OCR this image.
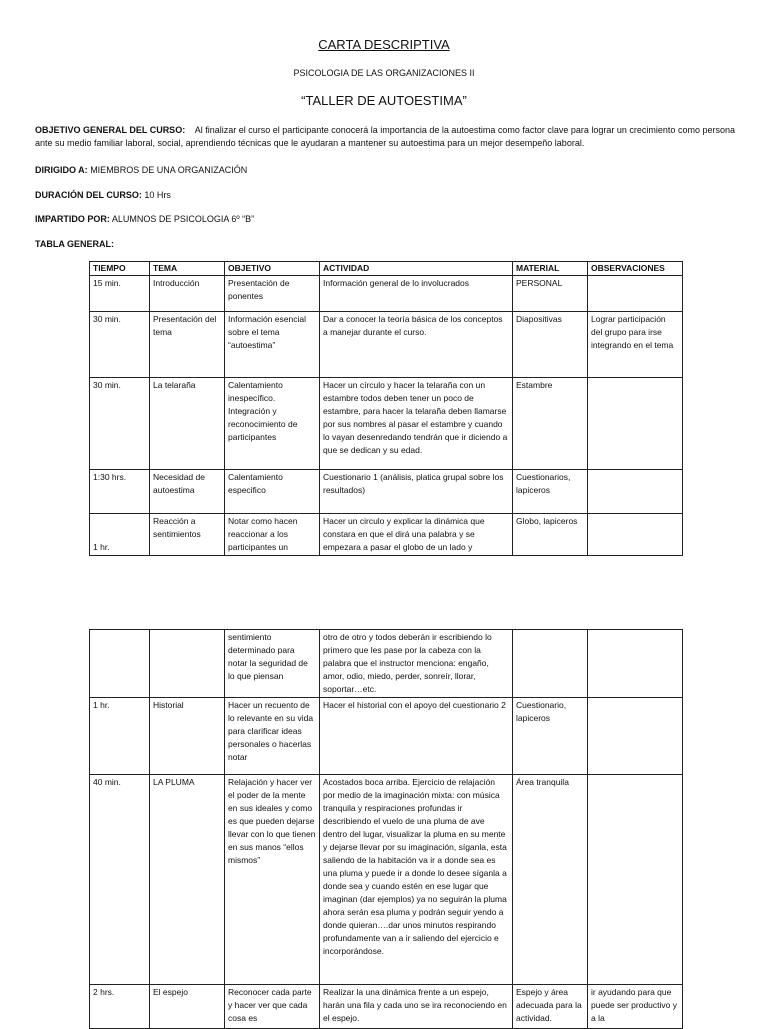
CARTA DESCRIPTIVA
PSICOLOGIA DE LAS ORGANIZACIONES II
“TALLER DE AUTOESTIMA”
OBJETIVO GENERAL DEL CURSO: Al finalizar el curso el participante conocerá la importancia de la autoestima como factor clave para lograr un crecimiento como persona ante su medio familiar laboral, social, aprendiendo técnicas que le ayudaran a mantener su autoestima para un mejor desempeño laboral.
DIRIGIDO A: MIEMBROS DE UNA ORGANIZACIÓN
DURACIÓN DEL CURSO: 10 Hrs
IMPARTIDO POR: ALUMNOS DE PSICOLOGIA 6º “B”
TABLA GENERAL:
TIEMPO	TEMA	OBJETIVO	ACTIVIDAD	MATERIAL	OBSERVACIONES
15 min.	Introducción	Presentación de ponentes	Información general de lo involucrados	PERSONAL	
30 min.	Presentación del tema	Información esencial sobre el tema “autoestima”	Dar a conocer la teoría básica de los conceptos a manejar durante el curso.	Diapositivas	Lograr participación del grupo para irse integrando en el tema
30 min.	La telaraña	Calentamiento inespecífico. Integración y reconocimiento de participantes	Hacer un círculo y hacer la telaraña con un estambre todos deben tener un poco de estambre, para hacer la telaraña deben llamarse por sus nombres al pasar el estambre y cuando lo vayan desenredando tendrán que ir diciendo a que se dedican y su edad.	Estambre	
1:30 hrs.	Necesidad de autoestima	Calentamiento especifico	Cuestionario 1 (análisis, platica grupal sobre los resultados)	Cuestionarios, lapiceros	
1 hr.	Reacción a sentimientos	Notar como hacen reaccionar a los participantes un	Hacer un circulo y explicar la dinámica que constara en que el dirá una palabra y se empezara a pasar el globo de un lado y	Globo, lapiceros	
		sentimiento determinado para notar la seguridad de lo que piensan	otro de otro y todos deberán ir escribiendo lo primero que les pase por la cabeza con la palabra que el instructor menciona: engaño, amor, odio, miedo, perder, sonreír, llorar, soportar…etc.		
1 hr.	Historial	Hacer un recuento de lo relevante en su vida para clarificar ideas personales o hacerlas notar	Hacer el historial con el apoyo del cuestionario 2	Cuestionario, lapiceros	
40 min.	LA PLUMA	Relajación y hacer ver el poder de la mente en sus ideales y como es que pueden dejarse llevar con lo que tienen en sus manos “ellos mismos”	Acostados boca arriba. Ejercicio de relajación por medio de la imaginación mixta: con música tranquila y respiraciones profundas ir describiendo el vuelo de una pluma de ave dentro del lugar, visualizar la pluma en su mente y dejarse llevar por su imaginación, síganla, esta saliendo de la habitación va ir a donde sea es una pluma y puede ir a donde lo desee síganla a donde sea y cuando estén en ese lugar que imaginan (dar ejemplos) ya no seguirán la pluma ahora serán esa pluma y podrán seguir yendo a donde quieran….dar unos minutos respirando profundamente van a ir saliendo del ejercicio e incorporándose.	Área tranquila	
2 hrs.	El espejo	Reconocer cada parte y hacer ver que cada cosa es	Realizar la una dinámica frente a un espejo, harán una fila y cada uno se ira reconociendo en el espejo.	Espejo y área adecuada para la actividad.	ir ayudando para que puede ser productivo y a la
